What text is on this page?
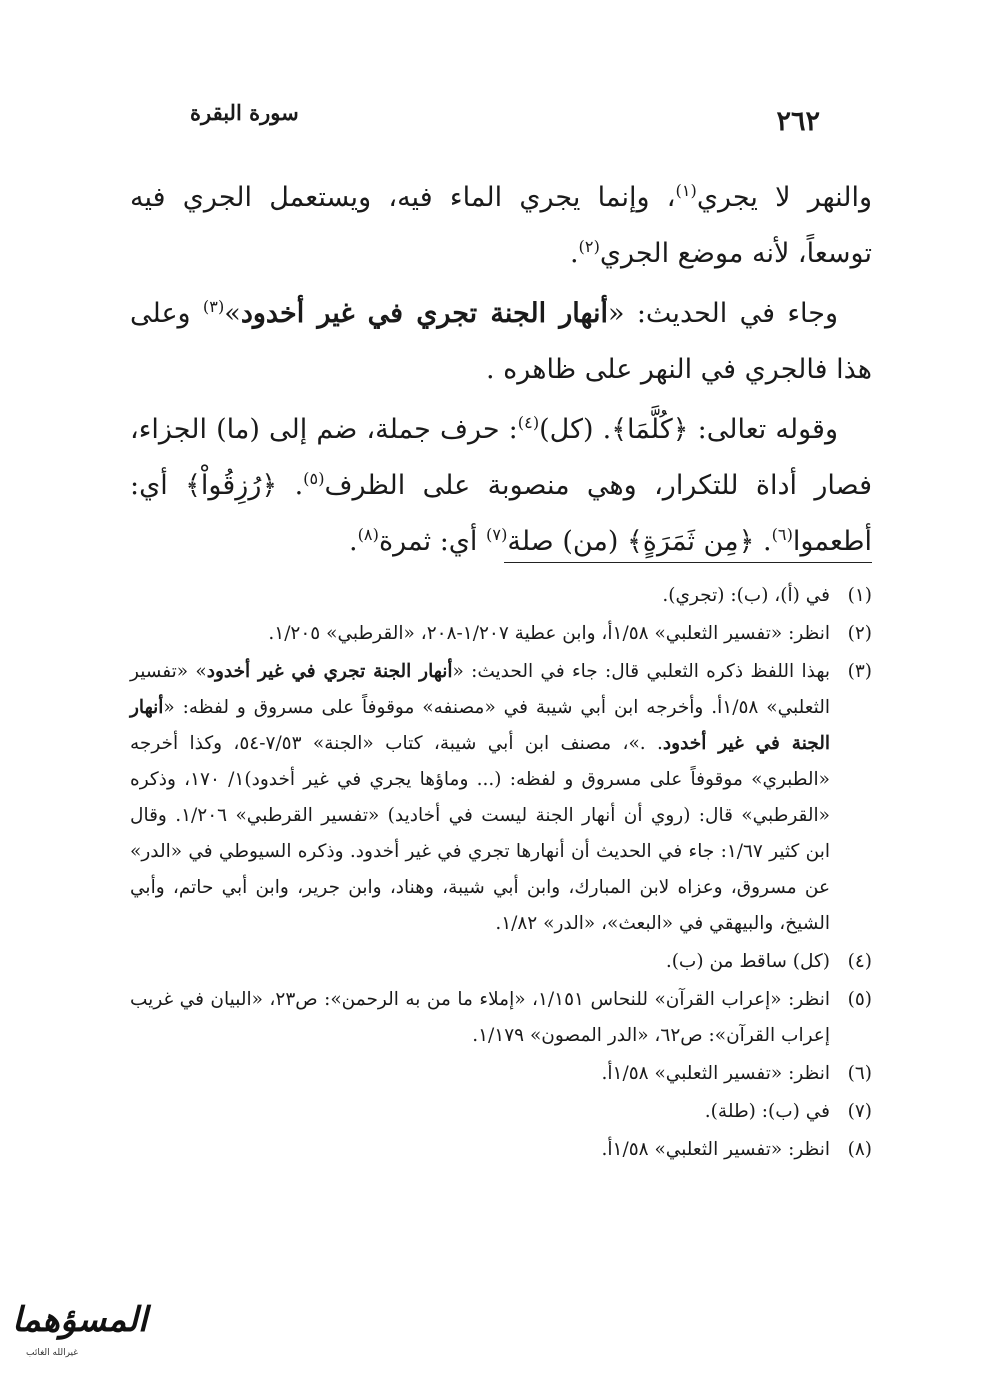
٢٦٢
سورة البقرة

والنهر لا يجري$^{(١)}$، وإنما يجري الماء فيه، ويستعمل الجري فيه توسعاً، لأنه موضع الجري$^{(٢)}$.

وجاء في الحديث: «أنهار الجنة تجري في غير أخدود»$^{(٣)}$ وعلى هذا فالجري في النهر على ظاهره .

وقوله تعالى: ﴿كُلَّمَا﴾. (كل)$^{(٤)}$: حرف جملة، ضم إلى (ما) الجزاء، فصار أداة للتكرار، وهي منصوبة على الظرف$^{(٥)}$. ﴿رُزِقُواْ﴾ أي: أطعموا$^{(٦)}$. ﴿مِن ثَمَرَةٍ﴾ (من) صلة$^{(٧)}$ أي: ثمرة$^{(٨)}$.

(١)في (أ)، (ب): (تجري).

(٢)انظر: «تفسير الثعلبي» ١/٥٨أ، وابن عطية ١/٢٠٧-٢٠٨، «القرطبي» ١/٢٠٥.

(٣)بهذا اللفظ ذكره الثعلبي قال: جاء في الحديث: «أنهار الجنة تجري في غير أخدود» «تفسير الثعلبي» ١/٥٨أ. وأخرجه ابن أبي شيبة في «مصنفه» موقوفاً على مسروق و لفظه: «أنهار الجنة في غير أخدود. .»، مصنف ابن أبي شيبة، كتاب «الجنة» ٧/٥٣-٥٤، وكذا أخرجه «الطبري» موقوفاً على مسروق و لفظه: (... وماؤها يجري في غير أخدود)١/ ١٧٠، وذكره «القرطبي» قال: (روي أن أنهار الجنة ليست في أخاديد) «تفسير القرطبي» ١/٢٠٦. وقال ابن كثير ١/٦٧: جاء في الحديث أن أنهارها تجري في غير أخدود. وذكره السيوطي في «الدر» عن مسروق، وعزاه لابن المبارك، وابن أبي شيبة، وهناد، وابن جرير، وابن أبي حاتم، وأبي الشيخ، والبيهقي في «البعث»، «الدر» ١/٨٢.

(٤)(كل) ساقط من (ب).

(٥)انظر: «إعراب القرآن» للنحاس ١/١٥١، «إملاء ما من به الرحمن»: ص٢٣، «البيان في غريب إعراب القرآن»: ص٦٢، «الدر المصون» ١/١٧٩.

(٦)انظر: «تفسير الثعلبي» ١/٥٨أ.

(٧)في (ب): (طلة).

(٨)انظر: «تفسير الثعلبي» ١/٥٨أ.

المسؤهما
غيرالله الغائب
